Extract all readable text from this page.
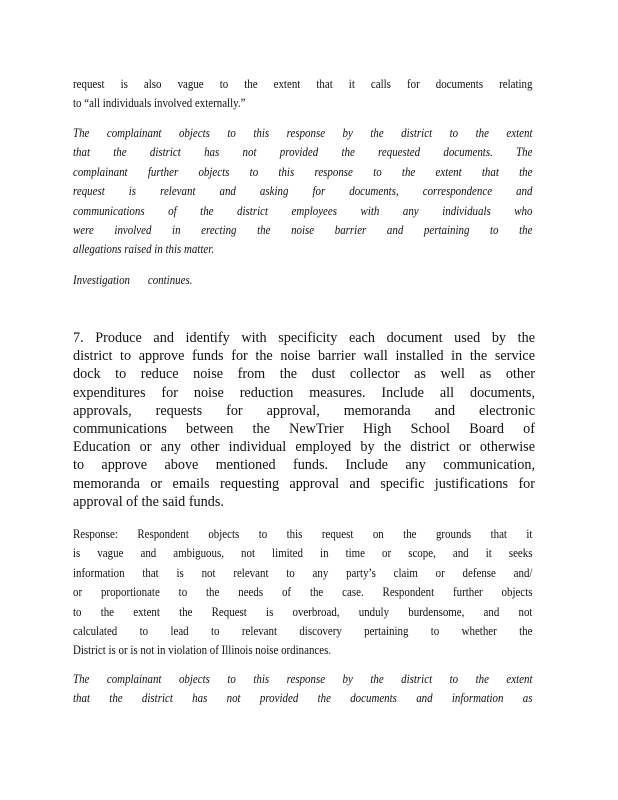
request is also vague to the extent that it calls for documents relating
to “all individuals involved externally.”
The complainant objects to this response by the district to the extent
that the district has not provided the requested documents. The
complainant further objects to this response to the extent that the
request is relevant and asking for documents, correspondence and
communications of the district employees with any individuals who
were involved in erecting the noise barrier and pertaining to the
allegations raised in this matter.
Investigation continues.
7. Produce and identify with specificity each document used by the
district to approve funds for the noise barrier wall installed in the service
dock to reduce noise from the dust collector as well as other
expenditures for noise reduction measures. Include all documents,
approvals, requests for approval, memoranda and electronic
communications between the NewTrier High School Board of
Education or any other individual employed by the district or otherwise
to approve above mentioned funds. Include any communication,
memoranda or emails requesting approval and specific justifications for
approval of the said funds.
Response: Respondent objects to this request on the grounds that it
is vague and ambiguous, not limited in time or scope, and it seeks
information that is not relevant to any party’s claim or defense and/
or proportionate to the needs of the case. Respondent further objects
to the extent the Request is overbroad, unduly burdensome, and not
calculated to lead to relevant discovery pertaining to whether the
District is or is not in violation of Illinois noise ordinances.
The complainant objects to this response by the district to the extent
that the district has not provided the documents and information as
